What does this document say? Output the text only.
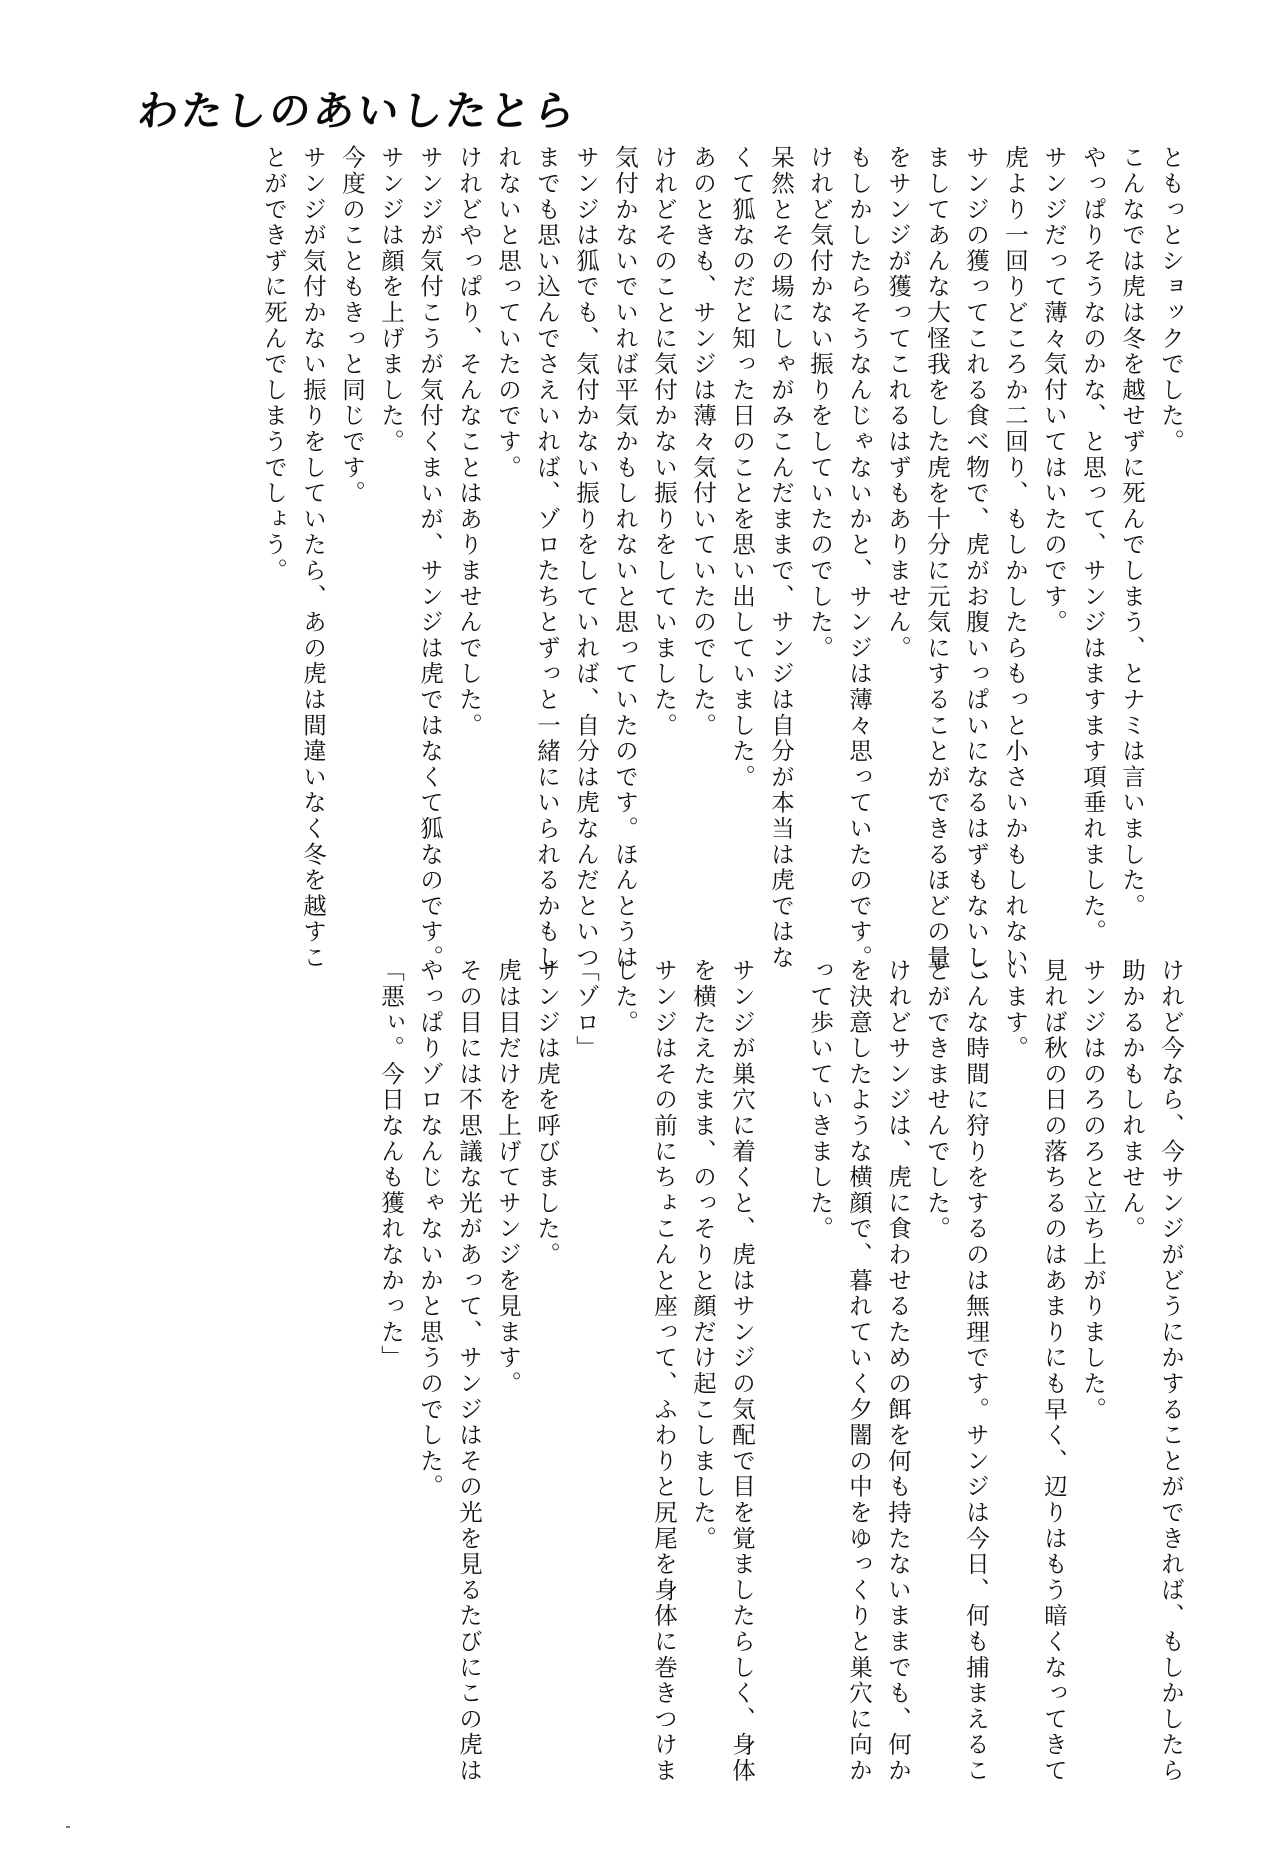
わたしのあいしたとら
ともっとショックでした。
こんなでは虎は冬を越せずに死んでしまう、とナミは言いました。
やっぱりそうなのかな、と思って、サンジはますます項垂れました。
サンジだって薄々気付いてはいたのです。
虎より一回りどころか二回り、もしかしたらもっと小さいかもしれない
サンジの獲ってこれる食べ物で、虎がお腹いっぱいになるはずもないし、
ましてあんな大怪我をした虎を十分に元気にすることができるほどの量
をサンジが獲ってこれるはずもありません。
もしかしたらそうなんじゃないかと、サンジは薄々思っていたのです。
けれど気付かない振りをしていたのでした。
呆然とその場にしゃがみこんだままで、サンジは自分が本当は虎ではな
くて狐なのだと知った日のことを思い出していました。
あのときも、サンジは薄々気付いていたのでした。
けれどそのことに気付かない振りをしていました。
気付かないでいれば平気かもしれないと思っていたのです。ほんとうは
サンジは狐でも、気付かない振りをしていれば、自分は虎なんだといつ
までも思い込んでさえいれば、ゾロたちとずっと一緒にいられるかもし
れないと思っていたのです。
けれどやっぱり、そんなことはありませんでした。
サンジが気付こうが気付くまいが、サンジは虎ではなくて狐なのです。
サンジは顔を上げました。
今度のこともきっと同じです。
サンジが気付かない振りをしていたら、あの虎は間違いなく冬を越すこ
とができずに死んでしまうでしょう。
けれど今なら、今サンジがどうにかすることができれば、もしかしたら
助かるかもしれません。
サンジはのろのろと立ち上がりました。
見れば秋の日の落ちるのはあまりにも早く、辺りはもう暗くなってきて
います。
こんな時間に狩りをするのは無理です。サンジは今日、何も捕まえるこ
とができませんでした。
けれどサンジは、虎に食わせるための餌を何も持たないままでも、何か
を決意したような横顔で、暮れていく夕闇の中をゆっくりと巣穴に向か
って歩いていきました。

サンジが巣穴に着くと、虎はサンジの気配で目を覚ましたらしく、身体
を横たえたまま、のっそりと顔だけ起こしました。
サンジはその前にちょこんと座って、ふわりと尻尾を身体に巻きつけま
した。
「ゾロ」
サンジは虎を呼びました。
虎は目だけを上げてサンジを見ます。
その目には不思議な光があって、サンジはその光を見るたびにこの虎は
やっぱりゾロなんじゃないかと思うのでした。
「悪ぃ。今日なんも獲れなかった」
